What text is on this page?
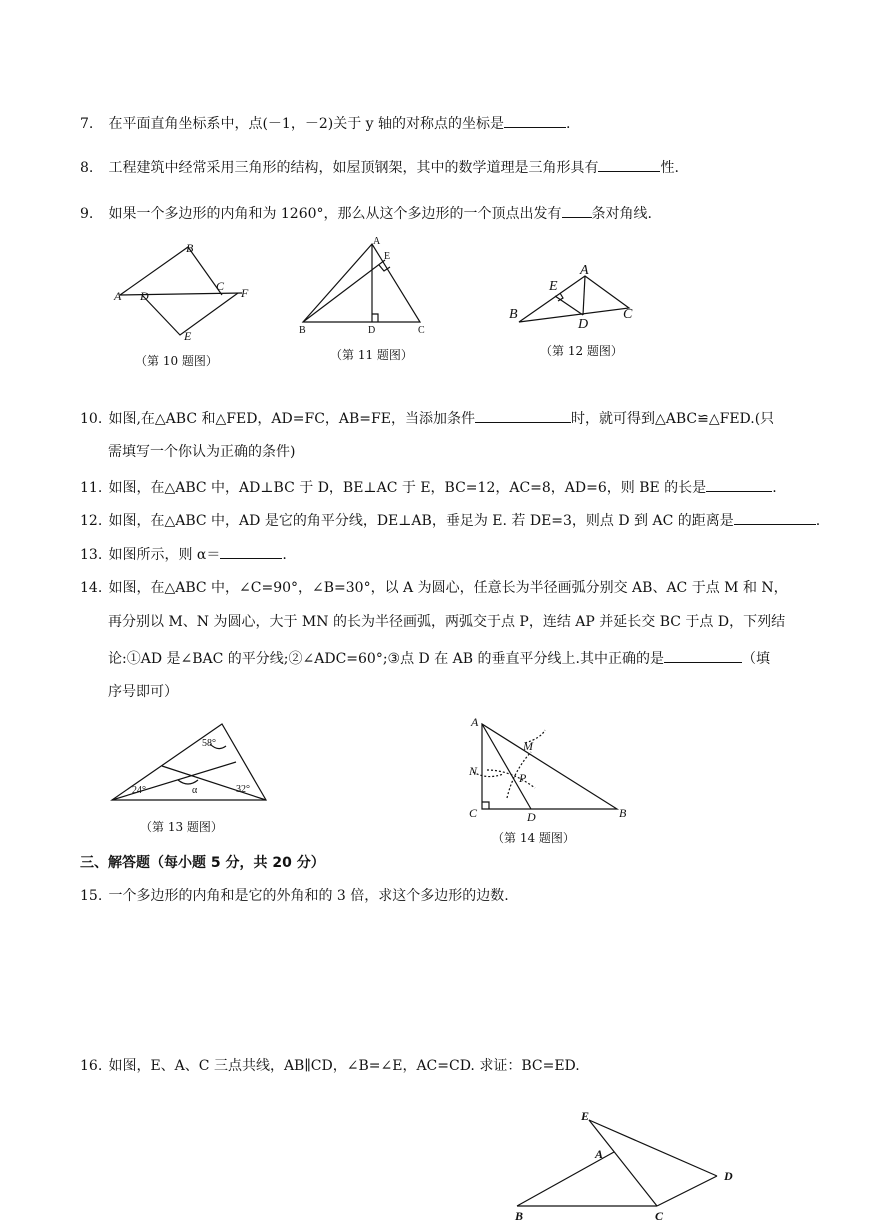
7. 在平面直角坐标系中，点(－1，－2)关于 y 轴的对称点的坐标是	.
8. 工程建筑中经常采用三角形的结构，如屋顶钢架，其中的数学道理是三角形具有	性.
9. 如果一个多边形的内角和为 1260°，那么从这个多边形的一个顶点出发有 条对角线.
B
A D
C F
E
（第 10 题图）
A
E
B	D	C
（第 11 题图）
E
A
B
D
C
（第 12 题图）
10. 如图,在△ABC 和△FED，AD=FC，AB=FE，当添加条件	时，就可得到△ABC≌△FED.(只
需填写一个你认为正确的条件)
11. 如图，在△ABC 中，AD⊥BC 于 D，BE⊥AC 于 E，BC=12，AC=8，AD=6，则 BE 的长是	.
12. 如图，在△ABC 中，AD 是它的角平分线，DE⊥AB，垂足为 E. 若 DE=3，则点 D 到 AC 的距离是	.
13. 如图所示，则 α＝	.
14. 如图，在△ABC 中，∠C=90°，∠B=30°，以 A 为圆心，任意长为半径画弧分别交 AB、AC 于点 M 和 N，
再分别以 M、N 为圆心，大于 MN 的长为半径画弧，两弧交于点 P，连结 AP 并延长交 BC 于点 D，下列结
论:①AD 是∠BAC 的平分线;②∠ADC=60°;③点 D 在 AB 的垂直平分线上.其中正确的是	（填
序号即可）
58°
24°	32°
α
（第 13 题图）
A
M
N	P
C	D	B
（第 14 题图）
三、解答题（每小题 5 分，共 20 分）
15. 一个多边形的内角和是它的外角和的 3 倍，求这个多边形的边数.
16. 如图，E、A、C 三点共线，AB∥CD，∠B=∠E，AC=CD. 求证：BC=ED.
E
A
D
B	C
